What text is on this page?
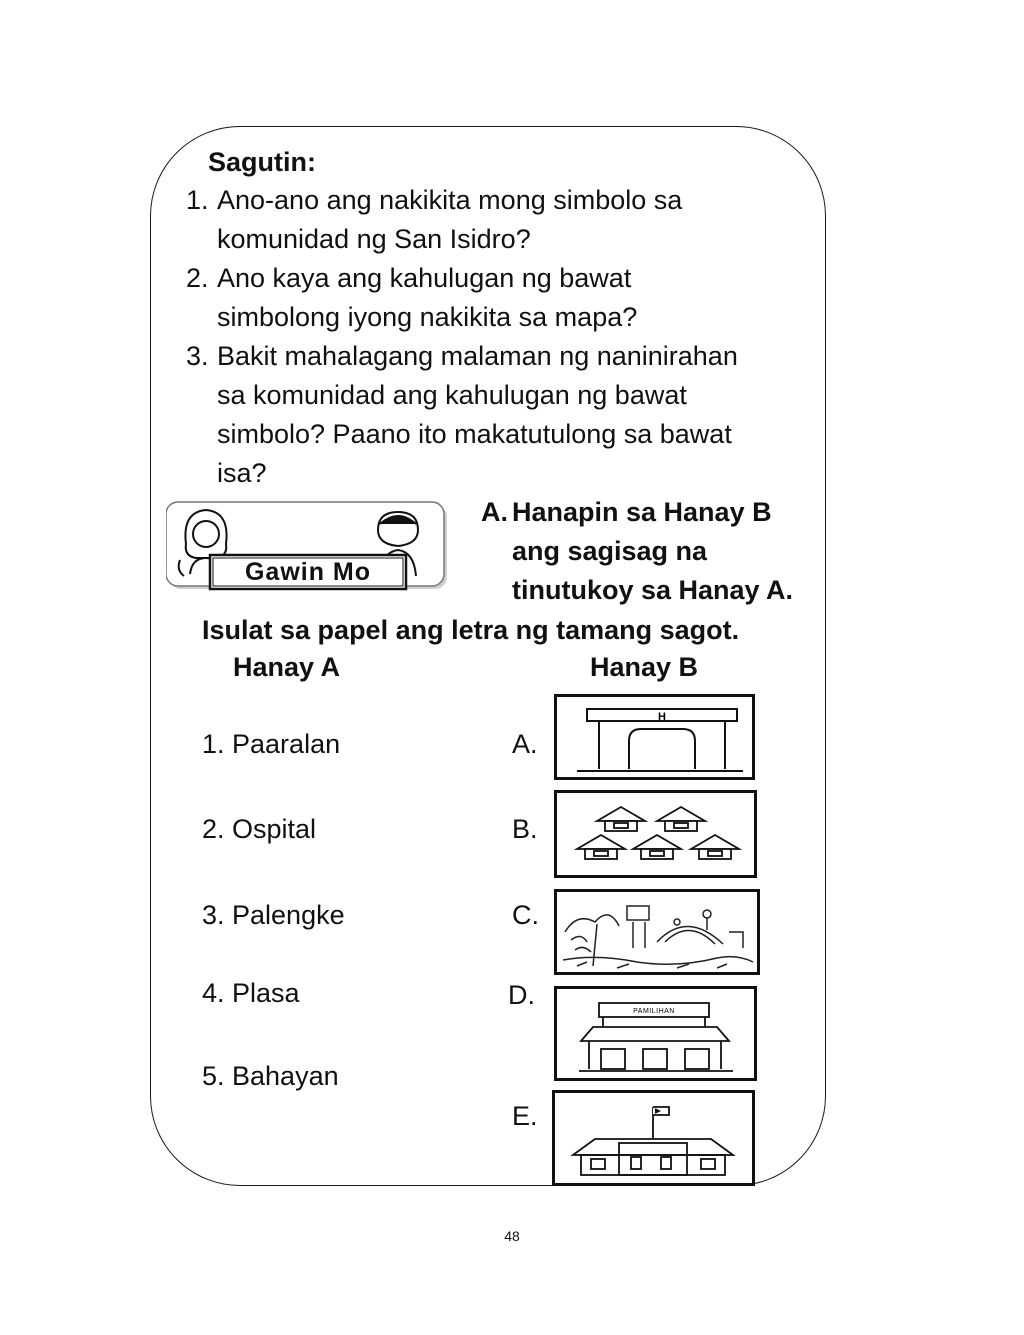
Sagutin:
1. Ano-ano ang nakikita mong simbolo sa
komunidad ng San Isidro?
2. Ano kaya ang kahulugan ng bawat
simbolong iyong nakikita sa mapa?
3. Bakit mahalagang malaman ng naninirahan
sa komunidad ang kahulugan ng bawat
simbolo? Paano ito makatutulong sa bawat
isa?
Gawin Mo
A. Hanapin sa Hanay B
ang sagisag na
tinutukoy sa Hanay A.
Isulat sa papel ang letra ng tamang sagot.
Hanay A	Hanay B
1. Paaralan
2. Ospital
3. Palengke
4. Plasa
5. Bahayan
A.
B.
C.
D.
E.
H
PAMILIHAN
48
